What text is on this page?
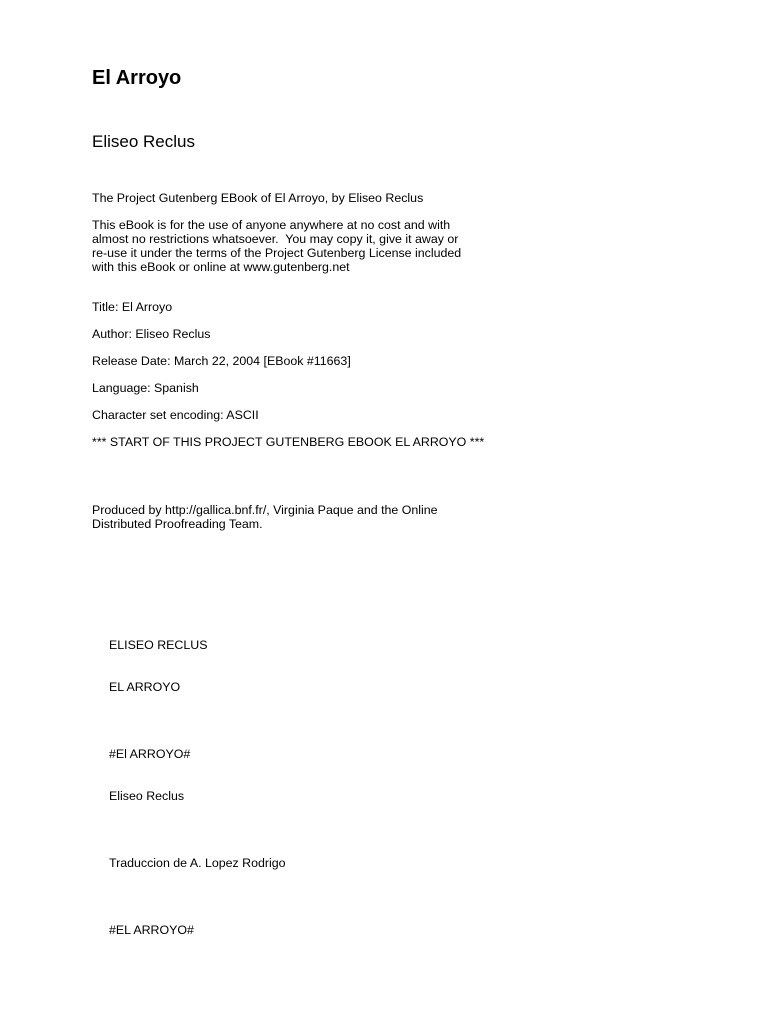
El Arroyo
Eliseo Reclus
The Project Gutenberg EBook of El Arroyo, by Eliseo Reclus
This eBook is for the use of anyone anywhere at no cost and with
almost no restrictions whatsoever.  You may copy it, give it away or
re-use it under the terms of the Project Gutenberg License included
with this eBook or online at www.gutenberg.net
Title: El Arroyo
Author: Eliseo Reclus
Release Date: March 22, 2004 [EBook #11663]
Language: Spanish
Character set encoding: ASCII
*** START OF THIS PROJECT GUTENBERG EBOOK EL ARROYO ***
Produced by http://gallica.bnf.fr/, Virginia Paque and the Online
Distributed Proofreading Team.
ELISEO RECLUS
EL ARROYO
#El ARROYO#
Eliseo Reclus
Traduccion de A. Lopez Rodrigo
#EL ARROYO#
